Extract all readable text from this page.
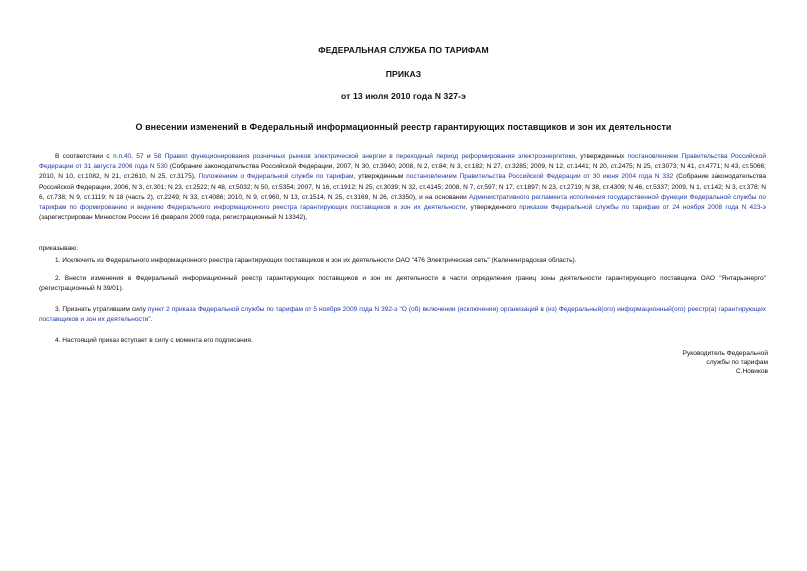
ФЕДЕРАЛЬНАЯ СЛУЖБА ПО ТАРИФАМ
ПРИКАЗ
от 13 июля 2010 года N 327-э
О внесении изменений в Федеральный информационный реестр гарантирующих поставщиков и зон их деятельности
В соответствии с п.п.40, 57 и 58 Правил функционирования розничных рынков электрической энергии в переходный период реформирования электроэнергетики, утвержденных постановлением Правительства Российской Федерации от 31 августа 2006 года N 530 (Собрание законодательства Российской Федерации, 2007, N 30, ст.3940; 2008, N 2, ст.84; N 3, ст.182; N 27, ст.3285; 2009, N 12, ст.1441; N 20, ст.2475; N 25, ст.3073; N 41, ст.4771; N 43, ст.5066; 2010, N 10, ст.1082, N 21, ст.2610, N 25, ст.3175), Положением о Федеральной службе по тарифам, утвержденным постановлением Правительства Российской Федерации от 30 июня 2004 года N 332 (Собрание законодательства Российской Федерации, 2006, N 3, ст.301; N 23, ст.2522; N 48, ст.5032; N 50, ст.5354; 2007, N 16, ст.1912; N 25, ст.3039; N 32, ст.4145; 2008, N 7, ст.597; N 17, ст.1897; N 23, ст.2719; N 38, ст.4309; N 46, ст.5337; 2009, N 1, ст.142; N 3, ст.378; N 6, ст.738; N 9, ст.1119; N 18 (часть 2), ст.2249; N 33, ст.4086; 2010, N 9, ст.960, N 13, ст.1514, N 25, ст.3169, N 26, ст.3350), и на основании Административного регламента исполнения государственной функции Федеральной службы по тарифам по формированию и ведению Федерального информационного реестра гарантирующих поставщиков и зон их деятельности, утвержденного приказом Федеральной службы по тарифам от 24 ноября 2008 года N 423-э (зарегистрирован Минюстом России 16 февраля 2009 года, регистрационный N 13342),
приказываю:
1. Исключить из Федерального информационного реестра гарантирующих поставщиков и зон их деятельности ОАО "476 Электрическая сеть" (Калининградская область).
2. Внести изменения в Федеральный информационный реестр гарантирующих поставщиков и зон их деятельности в части определения границ зоны деятельности гарантирующего поставщика ОАО "Янтарьэнерго" (регистрационный N 39/01).
3. Признать утратившим силу пункт 2 приказа Федеральной службы по тарифам от 5 ноября 2009 года N 392-э "О (об) включении (исключении) организаций в (из) Федеральный(ого) информационный(ого) реестр(а) гарантирующих поставщиков и зон их деятельности".
4. Настоящий приказ вступает в силу с момента его подписания.
Руководитель Федеральной
службы по тарифам
С.Новиков
